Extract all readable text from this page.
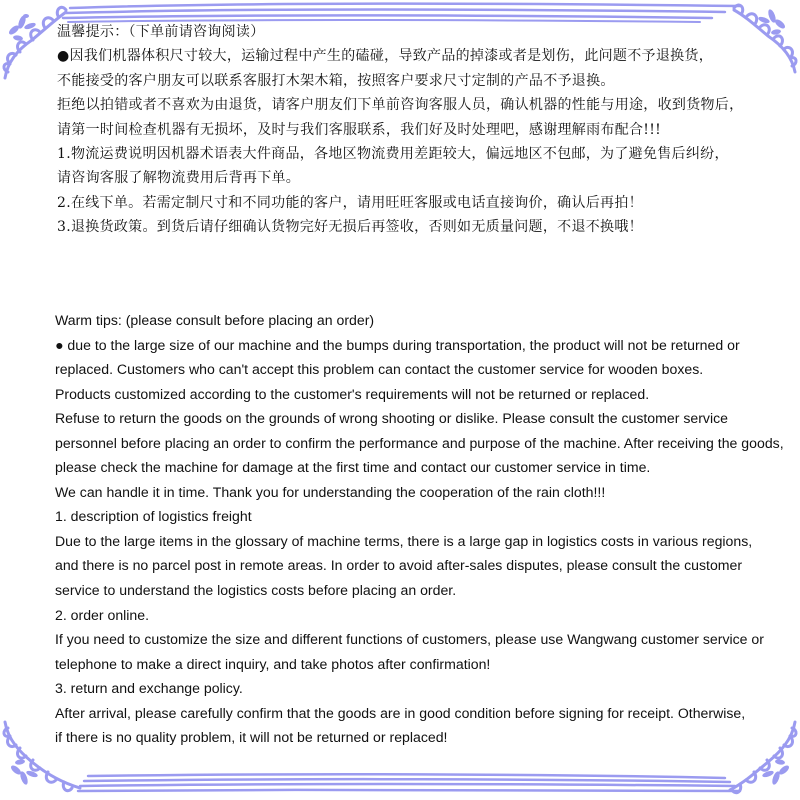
温馨提示：（下单前请咨询阅读）
●因我们机器体积尺寸较大，运输过程中产生的磕碰，导致产品的掉漆或者是划伤，此问题不予退换货，
不能接受的客户朋友可以联系客服打木架木箱，按照客户要求尺寸定制的产品不予退换。
拒绝以拍错或者不喜欢为由退货，请客户朋友们下单前咨询客服人员，确认机器的性能与用途，收到货物后，
请第一时间检查机器有无损坏，及时与我们客服联系，我们好及时处理吧，感谢理解雨布配合!!!
1.物流运费说明因机器术语表大件商品，各地区物流费用差距较大，偏远地区不包邮，为了避免售后纠纷，
请咨询客服了解物流费用后背再下单。
2.在线下单。若需定制尺寸和不同功能的客户，请用旺旺客服或电话直接询价，确认后再拍！
3.退换货政策。到货后请仔细确认货物完好无损后再签收，否则如无质量问题，不退不换哦！
Warm tips: (please consult before placing an order)
● due to the large size of our machine and the bumps during transportation, the product will not be returned or
replaced. Customers who can't accept this problem can contact the customer service for wooden boxes.
Products customized according to the customer's requirements will not be returned or replaced.
Refuse to return the goods on the grounds of wrong shooting or dislike. Please consult the customer service
personnel before placing an order to confirm the performance and purpose of the machine. After receiving the goods,
please check the machine for damage at the first time and contact our customer service in time.
We can handle it in time. Thank you for understanding the cooperation of the rain cloth!!!
1. description of logistics freight
Due to the large items in the glossary of machine terms, there is a large gap in logistics costs in various regions,
and there is no parcel post in remote areas. In order to avoid after-sales disputes, please consult the customer
service to understand the logistics costs before placing an order.
2. order online.
If you need to customize the size and different functions of customers, please use Wangwang customer service or
telephone to make a direct inquiry, and take photos after confirmation!
3. return and exchange policy.
After arrival, please carefully confirm that the goods are in good condition before signing for receipt. Otherwise,
if there is no quality problem, it will not be returned or replaced!
